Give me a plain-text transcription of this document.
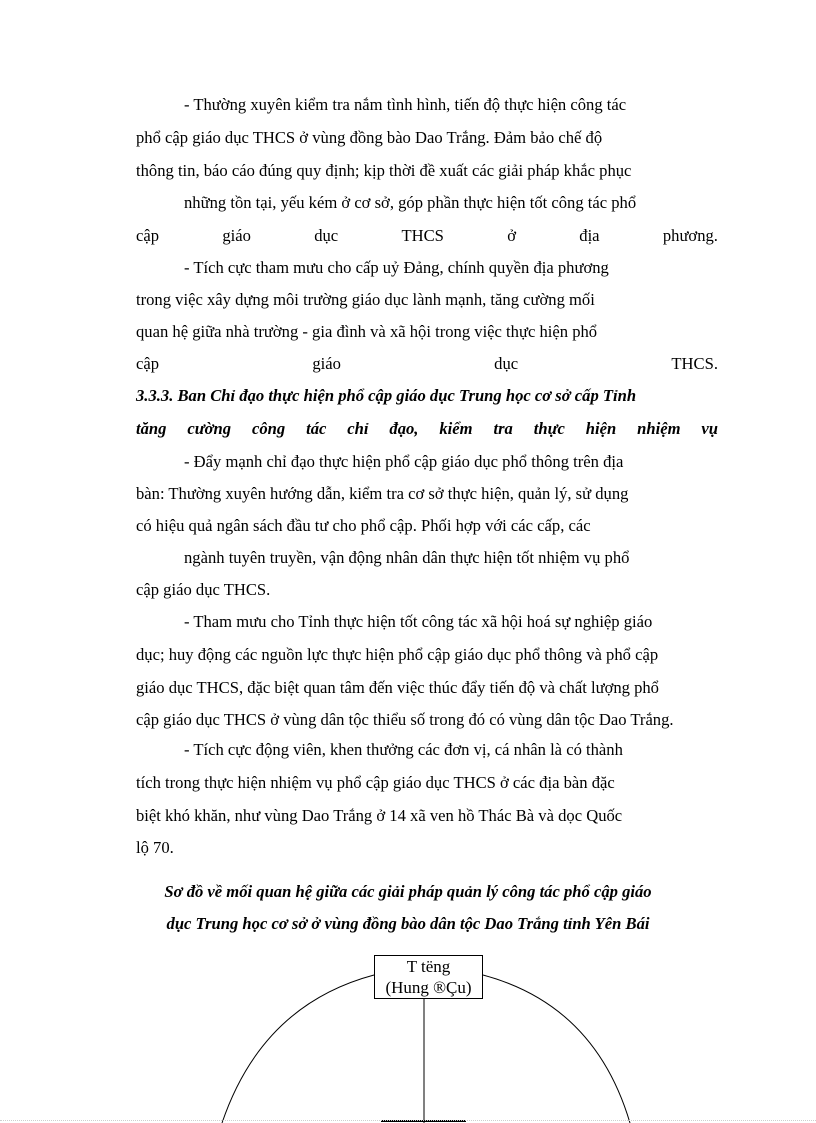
- Thường xuyên kiểm tra nắm tình hình, tiến độ thực hiện công tác
phổ cập giáo dục THCS ở vùng đồng bào Dao Trắng. Đảm bảo chế độ
thông tin, báo cáo đúng quy định; kịp thời đề xuất các giải pháp khắc phục
những tồn tại, yếu kém ở cơ sở, góp phần thực hiện tốt công tác phổ
cập	giáo	dục	THCS	ở	địa	phương.
- Tích cực tham mưu cho cấp uỷ Đảng, chính quyền địa phương
trong việc xây dựng môi trường giáo dục lành mạnh, tăng cường mối
quan hệ giữa nhà trường - gia đình và xã hội trong việc thực hiện phổ
cập	giáo	dục	THCS.
3.3.3. Ban Chỉ đạo thực hiện phổ cập giáo dục Trung học cơ sở cấp Tỉnh
tăng cường công tác chỉ đạo, kiểm tra thực hiện nhiệm vụ
- Đẩy mạnh chỉ đạo thực hiện phổ cập giáo dục phổ thông trên địa
bàn: Thường xuyên hướng dẫn, kiểm tra cơ sở thực hiện, quản lý, sử dụng
có hiệu quả ngân sách đầu tư cho phổ cập. Phối hợp với các cấp, các
ngành tuyên truyền, vận động nhân dân thực hiện tốt nhiệm vụ phổ
cập giáo dục THCS.
- Tham mưu cho Tỉnh thực hiện tốt công tác xã hội hoá sự nghiệp giáo
dục; huy động các nguồn lực thực hiện phổ cập giáo dục phổ thông và phổ cập
giáo dục THCS, đặc biệt quan tâm đến việc thúc đẩy tiến độ và chất lượng phổ
cập giáo dục THCS ở vùng dân tộc thiểu số trong đó có vùng dân tộc Dao Trắng.
- Tích cực động viên, khen thưởng các đơn vị, cá nhân là có thành
tích trong thực hiện nhiệm vụ phổ cập giáo dục THCS ở các địa bàn đặc
biệt khó khăn, như vùng Dao Trắng ở 14 xã ven hồ Thác Bà và dọc Quốc
lộ 70.
Sơ đồ về mối quan hệ giữa các giải pháp quản lý công tác phổ cập giáo
dục Trung học cơ sở ở vùng đồng bào dân tộc Dao Trắng tỉnh Yên Bái
T tëng
(Hung ®Çu)
